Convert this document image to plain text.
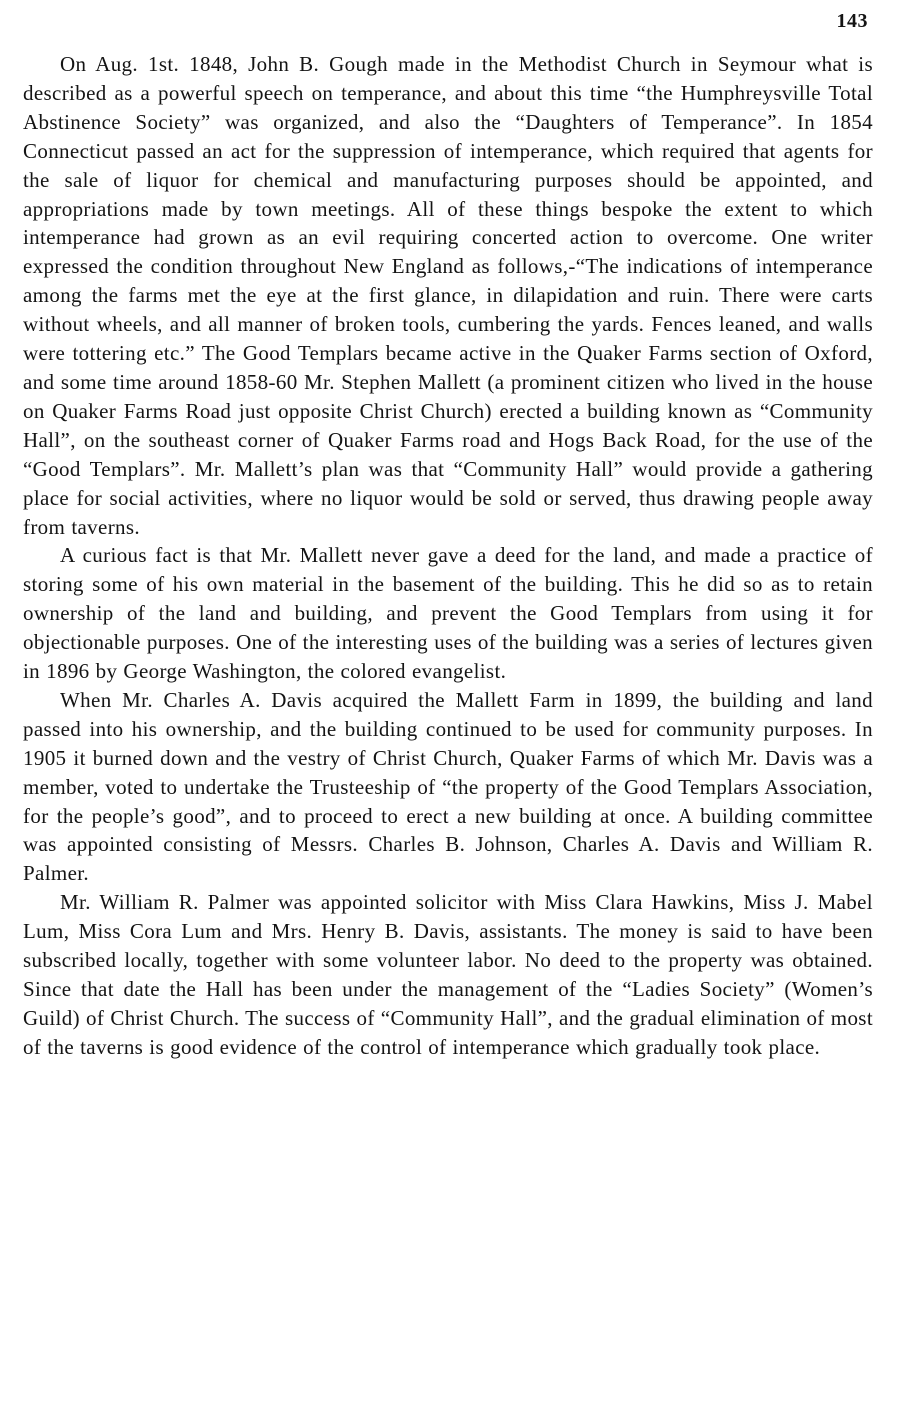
143

On Aug. 1st. 1848, John B. Gough made in the Methodist Church in Seymour what is described as a powerful speech on temperance, and about this time “the Humphreysville Total Abstinence Society” was organized, and also the “Daughters of Temperance”. In 1854 Connecticut passed an act for the suppression of intemperance, which required that agents for the sale of liquor for chemical and manufacturing purposes should be appointed, and appropriations made by town meetings. All of these things bespoke the extent to which intemperance had grown as an evil requiring concerted action to overcome. One writer expressed the condition throughout New England as follows,-“The indications of intemperance among the farms met the eye at the first glance, in dilapidation and ruin. There were carts without wheels, and all manner of broken tools, cumbering the yards. Fences leaned, and walls were tottering etc.” The Good Templars became active in the Quaker Farms section of Oxford, and some time around 1858-60 Mr. Stephen Mallett (a prominent citizen who lived in the house on Quaker Farms Road just opposite Christ Church) erected a building known as “Community Hall”, on the southeast corner of Quaker Farms road and Hogs Back Road, for the use of the “Good Templars”. Mr. Mallett’s plan was that “Community Hall” would provide a gathering place for social activities, where no liquor would be sold or served, thus drawing people away from taverns.

A curious fact is that Mr. Mallett never gave a deed for the land, and made a practice of storing some of his own material in the basement of the building. This he did so as to retain ownership of the land and building, and prevent the Good Templars from using it for objectionable purposes. One of the interesting uses of the building was a series of lectures given in 1896 by George Washington, the colored evangelist.

When Mr. Charles A. Davis acquired the Mallett Farm in 1899, the building and land passed into his ownership, and the building continued to be used for community purposes. In 1905 it burned down and the vestry of Christ Church, Quaker Farms of which Mr. Davis was a member, voted to undertake the Trusteeship of “the property of the Good Templars Association, for the people’s good”, and to proceed to erect a new building at once. A building committee was appointed consisting of Messrs. Charles B. Johnson, Charles A. Davis and William R. Palmer.

Mr. William R. Palmer was appointed solicitor with Miss Clara Hawkins, Miss J. Mabel Lum, Miss Cora Lum and Mrs. Henry B. Davis, assistants. The money is said to have been subscribed locally, together with some volunteer labor. No deed to the property was obtained. Since that date the Hall has been under the management of the “Ladies Society” (Women’s Guild) of Christ Church. The success of “Community Hall”, and the gradual elimination of most of the taverns is good evidence of the control of intemperance which gradually took place.
